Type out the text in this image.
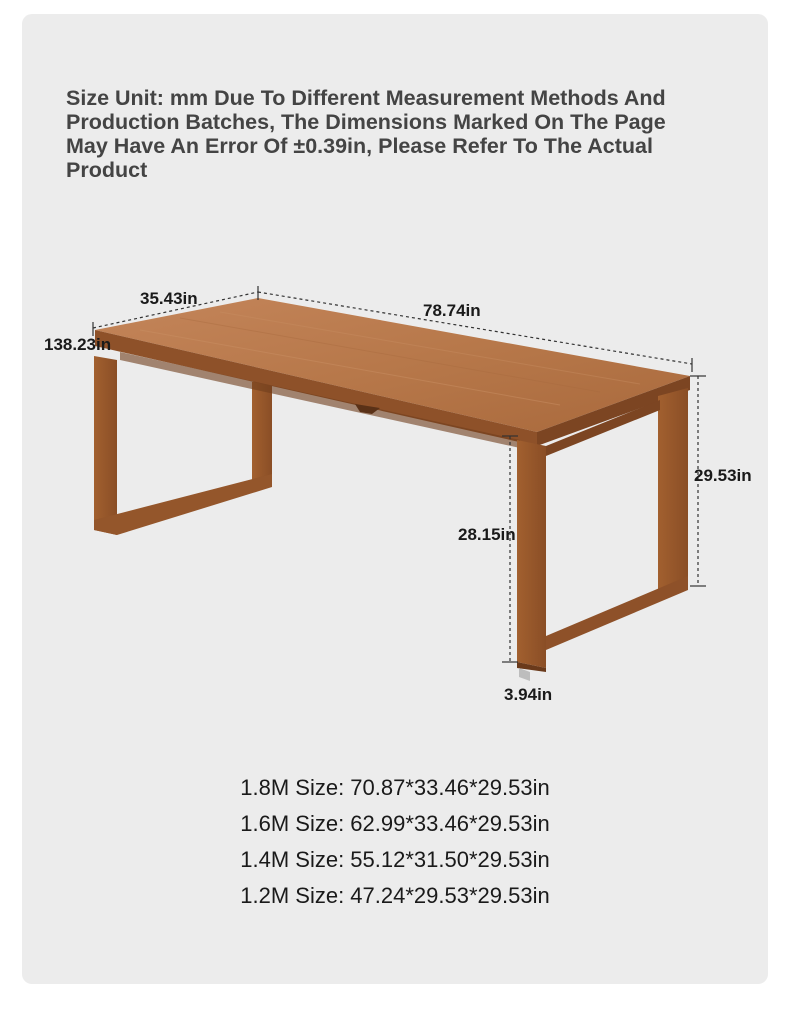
Size Unit: mm Due To Different Measurement Methods And Production Batches, The Dimensions Marked On The Page May Have An Error Of ±0.39in, Please Refer To The Actual Product

35.43in
78.74in
138.23in
29.53in
28.15in
3.94in
1.8M Size: 70.87*33.46*29.53in
1.6M Size: 62.99*33.46*29.53in
1.4M Size: 55.12*31.50*29.53in
1.2M Size: 47.24*29.53*29.53in
